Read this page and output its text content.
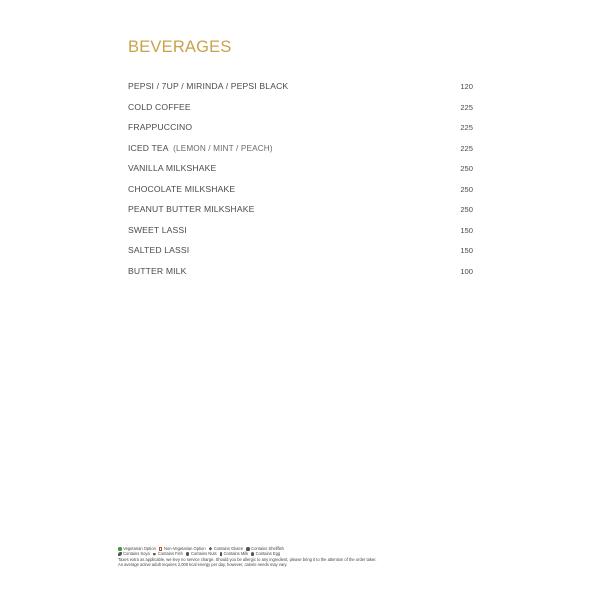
BEVERAGES
PEPSI / 7UP / MIRINDA / PEPSI BLACK	120
COLD COFFEE	225
FRAPPUCCINO	225
ICED TEA (LEMON / MINT / PEACH)	225
VANILLA MILKSHAKE	250
CHOCOLATE MILKSHAKE	250
PEANUT BUTTER MILKSHAKE	250
SWEET LASSI	150
SALTED LASSI	150
BUTTER MILK	100
Vegetarian Option Non-Vegetarian Option Contains Gluten Contains Shellfish
Contains Soya Contains Fish Contains Nuts Contains Milk Contains Egg
Taxes extra as applicable, we levy no service charge. Should you be allergic to any ingredient, please bring it to the attention of the order taker.
An average active adult requires 2,000 kcal energy per day, however, calorie needs may vary.
